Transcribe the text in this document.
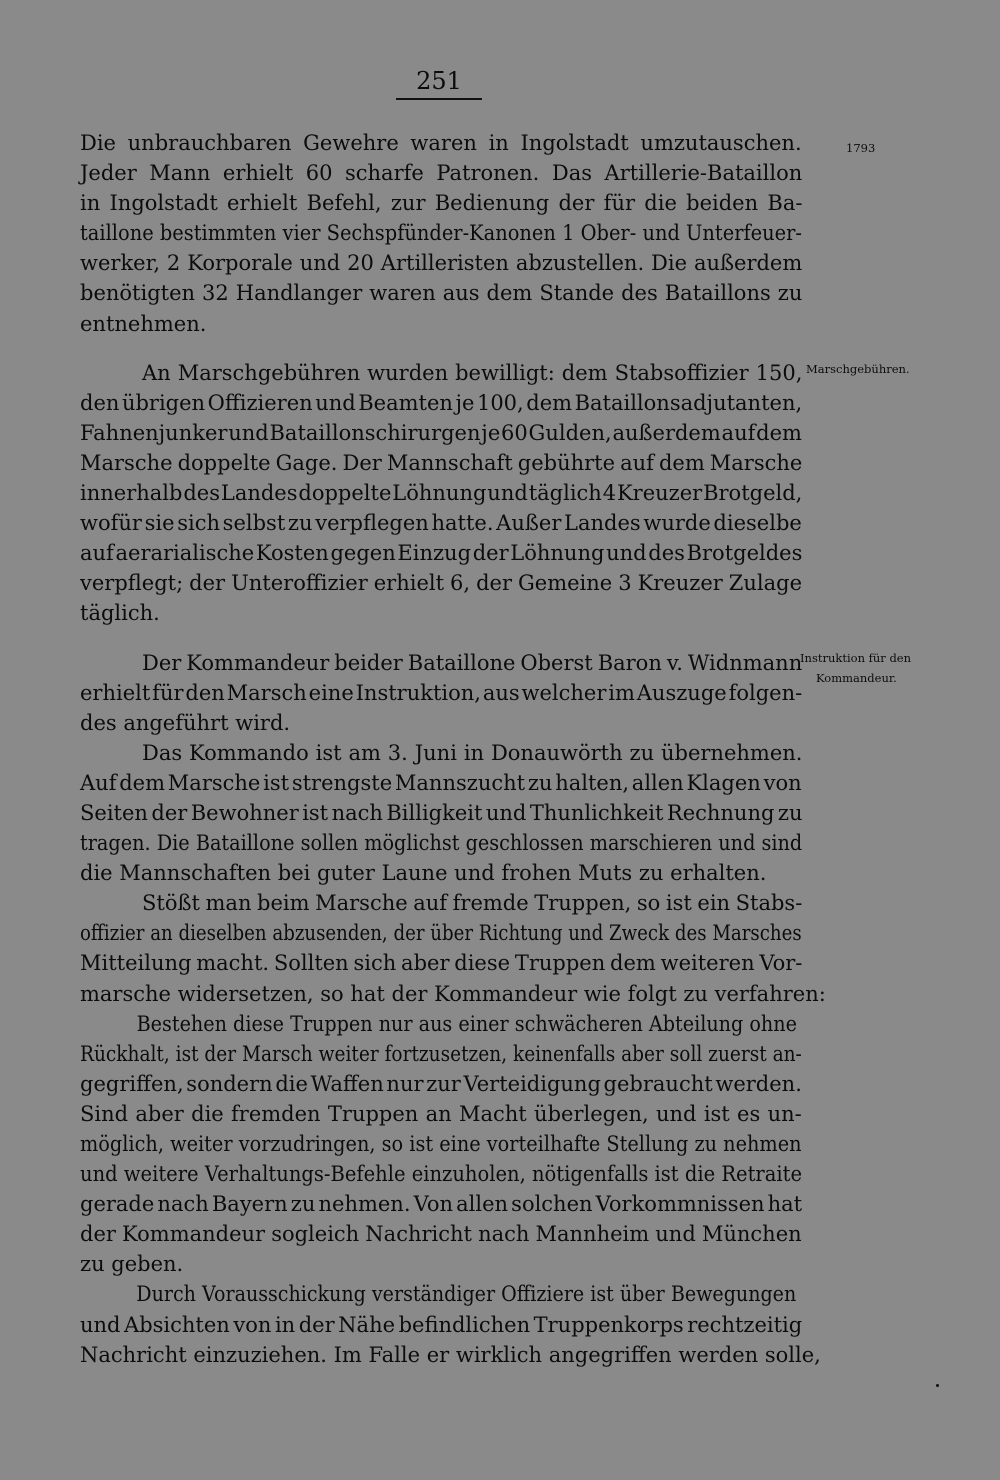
251
1793
Marschgebühren.
Instruktion für den
Kommandeur.
Die unbrauchbaren Gewehre waren in Ingolstadt umzutauschen.
Jeder Mann erhielt 60 scharfe Patronen. Das Artillerie-Bataillon
in Ingolstadt erhielt Befehl, zur Bedienung der für die beiden Ba-
taillone bestimmten vier Sechspfünder-Kanonen 1 Ober- und Unterfeuer-
werker, 2 Korporale und 20 Artilleristen abzustellen. Die außerdem
benötigten 32 Handlanger waren aus dem Stande des Bataillons zu
entnehmen.
An Marschgebühren wurden bewilligt: dem Stabsoffizier 150,
den übrigen Offizieren und Beamten je 100, dem Bataillonsadjutanten,
Fahnenjunker und Bataillonschirurgen je 60 Gulden, außerdem auf dem
Marsche doppelte Gage. Der Mannschaft gebührte auf dem Marsche
innerhalb des Landes doppelte Löhnung und täglich 4 Kreuzer Brotgeld,
wofür sie sich selbst zu verpflegen hatte. Außer Landes wurde dieselbe
auf aerarialische Kosten gegen Einzug der Löhnung und des Brotgeldes
verpflegt; der Unteroffizier erhielt 6, der Gemeine 3 Kreuzer Zulage
täglich.
Der Kommandeur beider Bataillone Oberst Baron v. Widnmann
erhielt für den Marsch eine Instruktion, aus welcher im Auszuge folgen-
des angeführt wird.
Das Kommando ist am 3. Juni in Donauwörth zu übernehmen.
Auf dem Marsche ist strengste Mannszucht zu halten, allen Klagen von
Seiten der Bewohner ist nach Billigkeit und Thunlichkeit Rechnung zu
tragen. Die Bataillone sollen möglichst geschlossen marschieren und sind
die Mannschaften bei guter Laune und frohen Muts zu erhalten.
Stößt man beim Marsche auf fremde Truppen, so ist ein Stabs-
offizier an dieselben abzusenden, der über Richtung und Zweck des Marsches
Mitteilung macht. Sollten sich aber diese Truppen dem weiteren Vor-
marsche widersetzen, so hat der Kommandeur wie folgt zu verfahren:
Bestehen diese Truppen nur aus einer schwächeren Abteilung ohne
Rückhalt, ist der Marsch weiter fortzusetzen, keinenfalls aber soll zuerst an-
gegriffen, sondern die Waffen nur zur Verteidigung gebraucht werden.
Sind aber die fremden Truppen an Macht überlegen, und ist es un-
möglich, weiter vorzudringen, so ist eine vorteilhafte Stellung zu nehmen
und weitere Verhaltungs-Befehle einzuholen, nötigenfalls ist die Retraite
gerade nach Bayern zu nehmen. Von allen solchen Vorkommnissen hat
der Kommandeur sogleich Nachricht nach Mannheim und München
zu geben.
Durch Vorausschickung verständiger Offiziere ist über Bewegungen
und Absichten von in der Nähe befindlichen Truppenkorps rechtzeitig
Nachricht einzuziehen. Im Falle er wirklich angegriffen werden solle,
